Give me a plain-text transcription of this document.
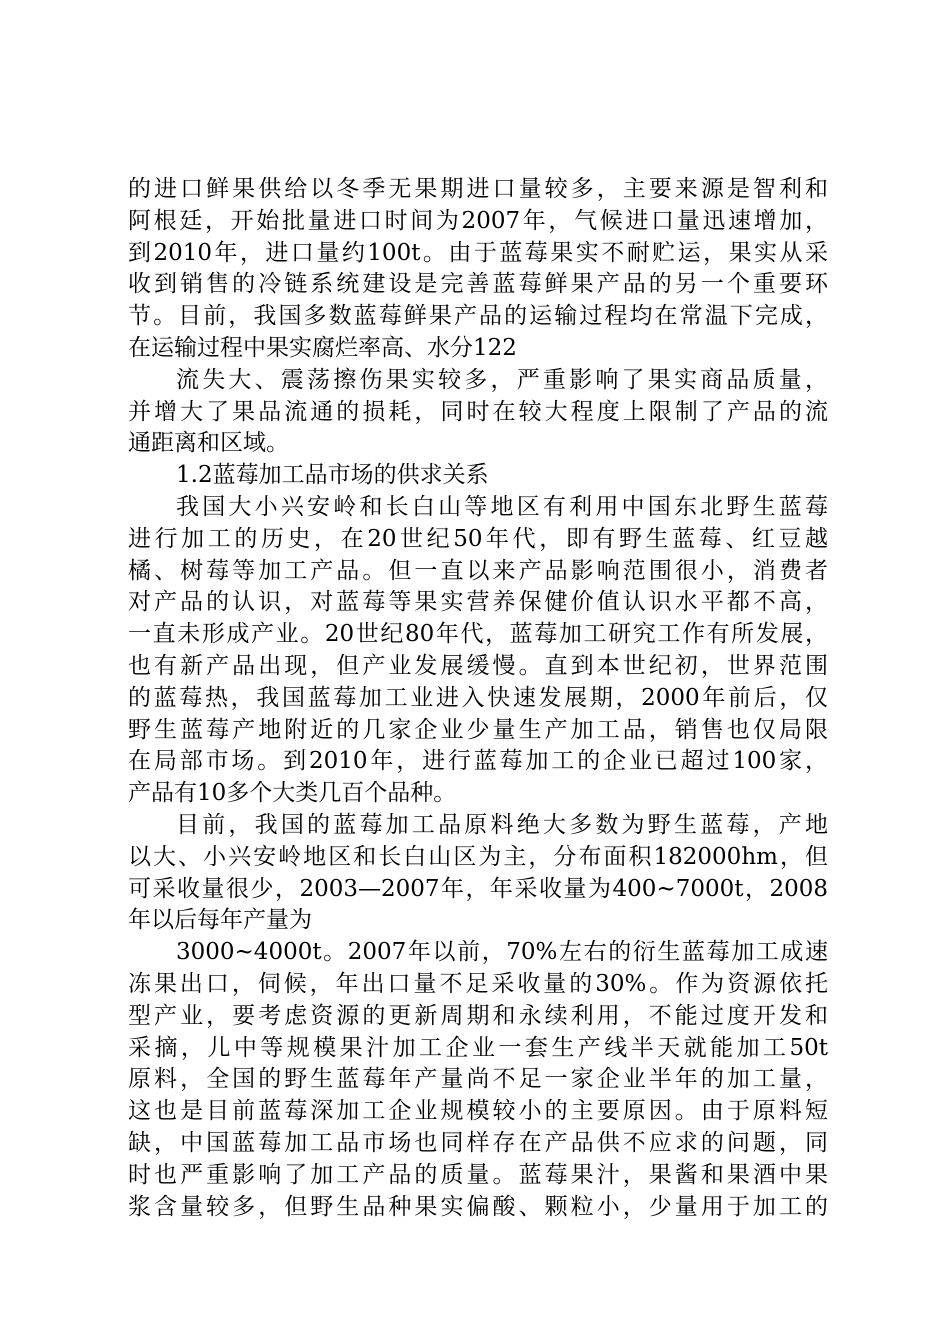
的进口鲜果供给以冬季无果期进口量较多，主要来源是智利和
阿根廷，开始批量进口时间为2007年，气候进口量迅速增加，
到2010年，进口量约100t。由于蓝莓果实不耐贮运，果实从采
收到销售的冷链系统建设是完善蓝莓鲜果产品的另一个重要环
节。目前，我国多数蓝莓鲜果产品的运输过程均在常温下完成，
在运输过程中果实腐烂率高、水分122
流失大、震荡擦伤果实较多，严重影响了果实商品质量，
并增大了果品流通的损耗，同时在较大程度上限制了产品的流
通距离和区域。
1.2蓝莓加工品市场的供求关系
我国大小兴安岭和长白山等地区有利用中国东北野生蓝莓
进行加工的历史，在20世纪50年代，即有野生蓝莓、红豆越
橘、树莓等加工产品。但一直以来产品影响范围很小，消费者
对产品的认识，对蓝莓等果实营养保健价值认识水平都不高，
一直未形成产业。20世纪80年代，蓝莓加工研究工作有所发展，
也有新产品出现，但产业发展缓慢。直到本世纪初，世界范围
的蓝莓热，我国蓝莓加工业进入快速发展期，2000年前后，仅
野生蓝莓产地附近的几家企业少量生产加工品，销售也仅局限
在局部市场。到2010年，进行蓝莓加工的企业已超过100家，
产品有10多个大类几百个品种。
目前，我国的蓝莓加工品原料绝大多数为野生蓝莓，产地
以大、小兴安岭地区和长白山区为主，分布面积182000hm，但
可采收量很少，2003—2007年，年采收量为400~7000t，2008
年以后每年产量为
3000~4000t。2007年以前，70%左右的衍生蓝莓加工成速
冻果出口，伺候，年出口量不足采收量的30%。作为资源依托
型产业，要考虑资源的更新周期和永续利用，不能过度开发和
采摘，儿中等规模果汁加工企业一套生产线半天就能加工50t
原料，全国的野生蓝莓年产量尚不足一家企业半年的加工量，
这也是目前蓝莓深加工企业规模较小的主要原因。由于原料短
缺，中国蓝莓加工品市场也同样存在产品供不应求的问题，同
时也严重影响了加工产品的质量。蓝莓果汁，果酱和果酒中果
浆含量较多，但野生品种果实偏酸、颗粒小，少量用于加工的
